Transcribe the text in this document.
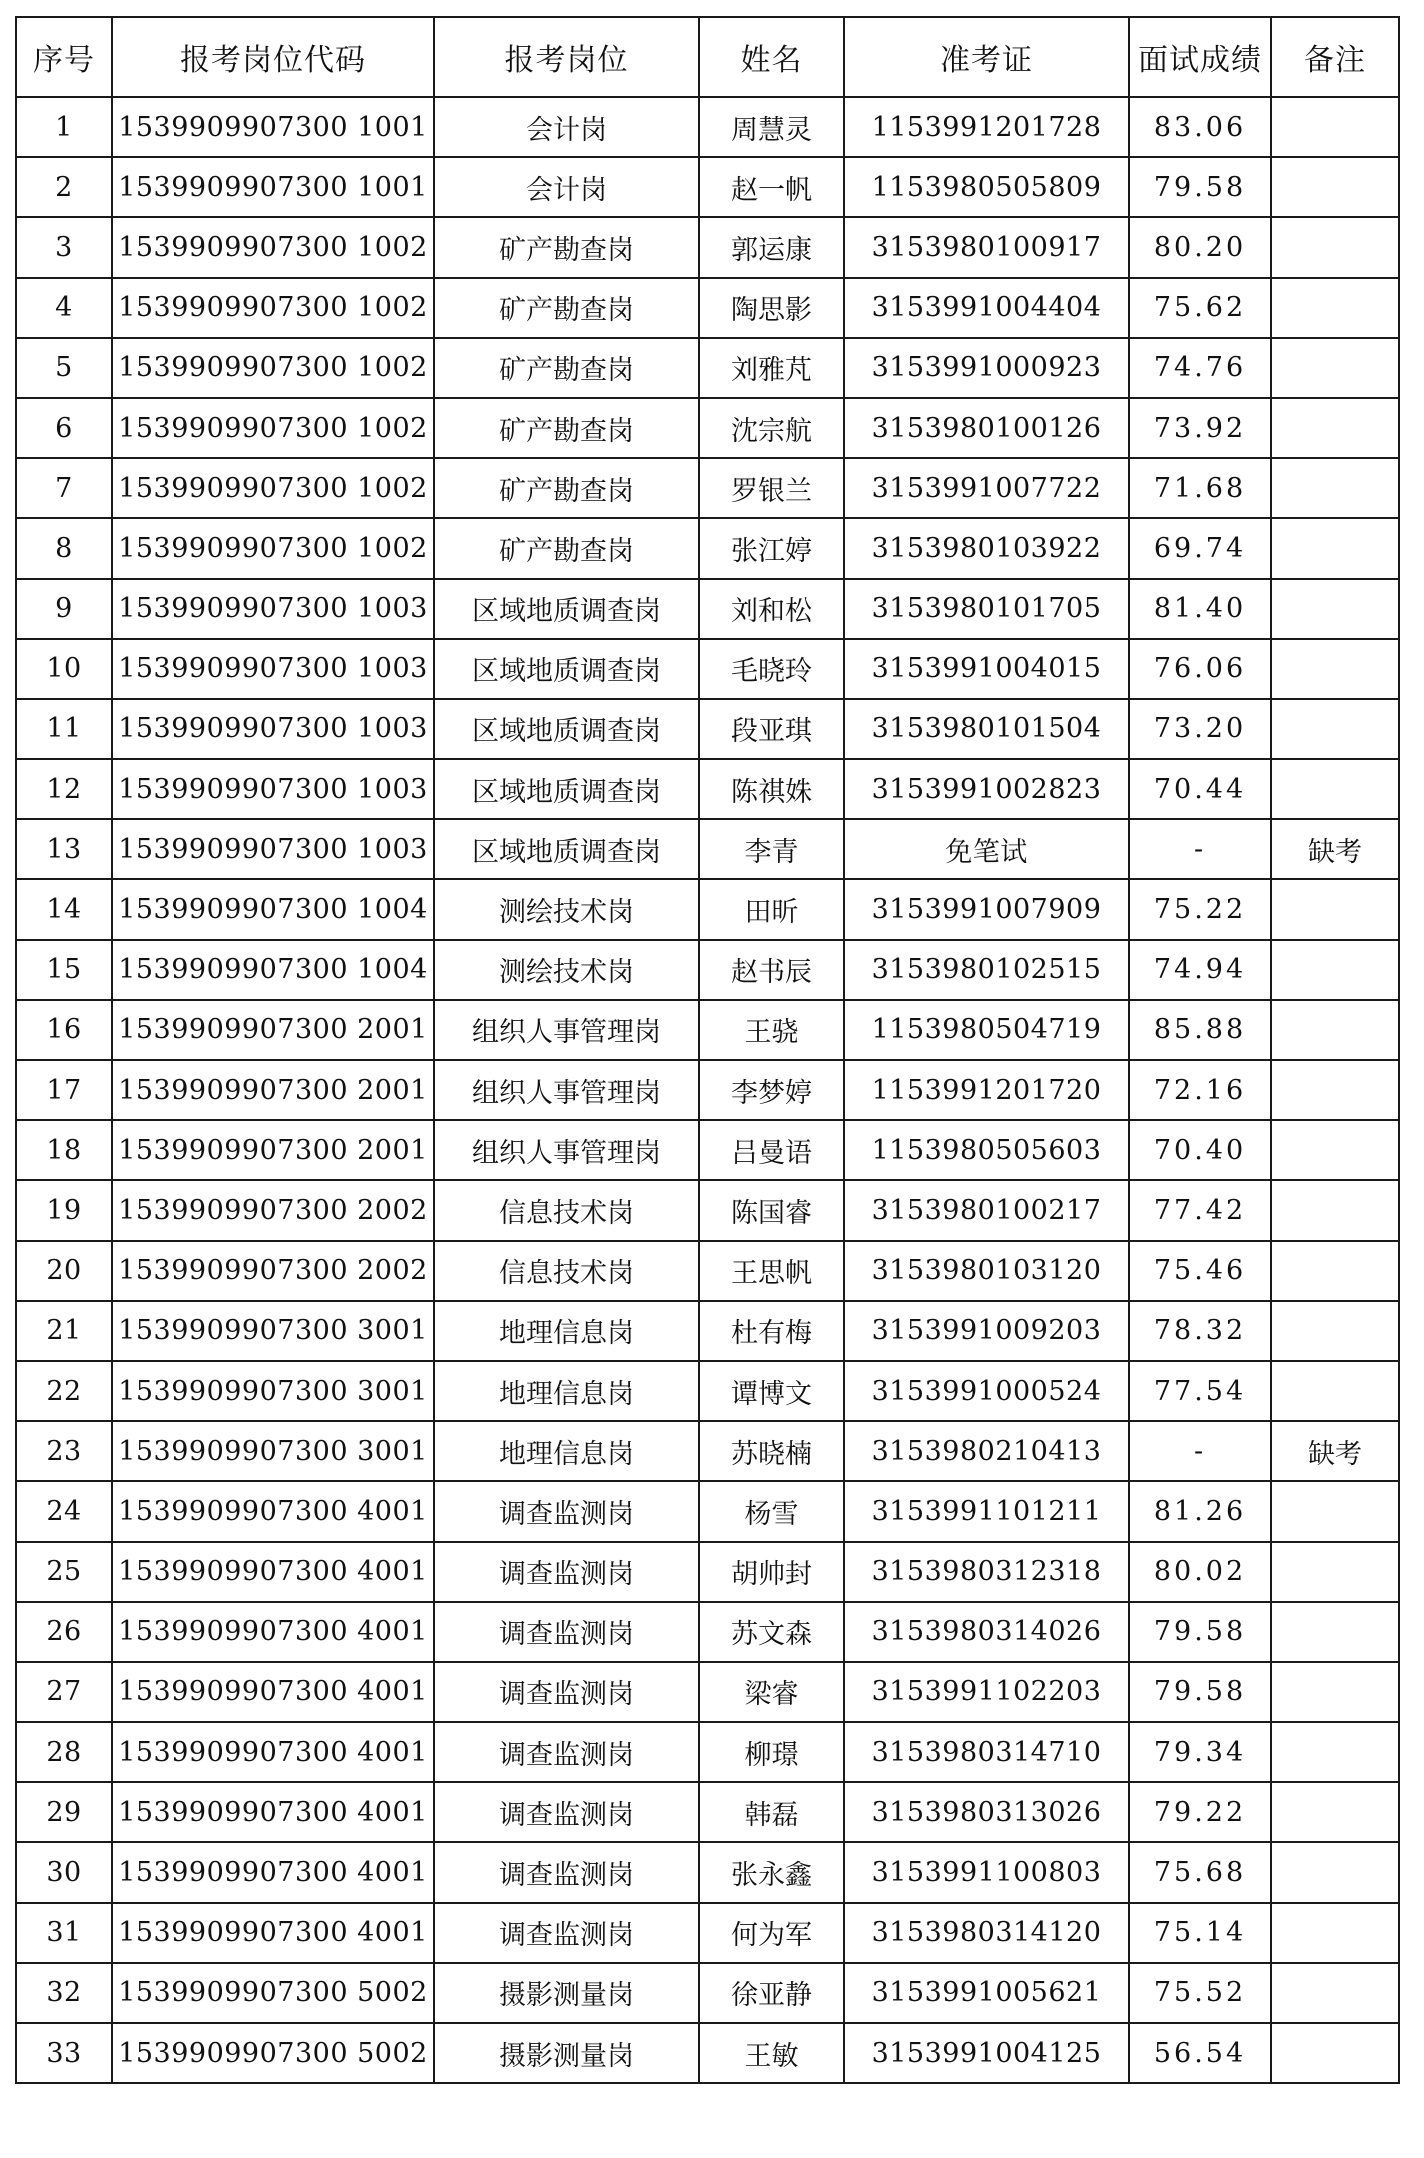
序号	报考岗位代码	报考岗位	姓名	准考证	面试成绩	备注
1	1539909907300 1001	会计岗	周慧灵	1153991201728	83.06	
2	1539909907300 1001	会计岗	赵一帆	1153980505809	79.58	
3	1539909907300 1002	矿产勘查岗	郭运康	3153980100917	80.20	
4	1539909907300 1002	矿产勘查岗	陶思影	3153991004404	75.62	
5	1539909907300 1002	矿产勘查岗	刘雅芃	3153991000923	74.76	
6	1539909907300 1002	矿产勘查岗	沈宗航	3153980100126	73.92	
7	1539909907300 1002	矿产勘查岗	罗银兰	3153991007722	71.68	
8	1539909907300 1002	矿产勘查岗	张江婷	3153980103922	69.74	
9	1539909907300 1003	区域地质调查岗	刘和松	3153980101705	81.40	
10	1539909907300 1003	区域地质调查岗	毛晓玲	3153991004015	76.06	
11	1539909907300 1003	区域地质调查岗	段亚琪	3153980101504	73.20	
12	1539909907300 1003	区域地质调查岗	陈祺姝	3153991002823	70.44	
13	1539909907300 1003	区域地质调查岗	李青	免笔试	-	缺考
14	1539909907300 1004	测绘技术岗	田昕	3153991007909	75.22	
15	1539909907300 1004	测绘技术岗	赵书辰	3153980102515	74.94	
16	1539909907300 2001	组织人事管理岗	王骁	1153980504719	85.88	
17	1539909907300 2001	组织人事管理岗	李梦婷	1153991201720	72.16	
18	1539909907300 2001	组织人事管理岗	吕曼语	1153980505603	70.40	
19	1539909907300 2002	信息技术岗	陈国睿	3153980100217	77.42	
20	1539909907300 2002	信息技术岗	王思帆	3153980103120	75.46	
21	1539909907300 3001	地理信息岗	杜有梅	3153991009203	78.32	
22	1539909907300 3001	地理信息岗	谭博文	3153991000524	77.54	
23	1539909907300 3001	地理信息岗	苏晓楠	3153980210413	-	缺考
24	1539909907300 4001	调查监测岗	杨雪	3153991101211	81.26	
25	1539909907300 4001	调查监测岗	胡帅封	3153980312318	80.02	
26	1539909907300 4001	调查监测岗	苏文森	3153980314026	79.58	
27	1539909907300 4001	调查监测岗	梁睿	3153991102203	79.58	
28	1539909907300 4001	调查监测岗	柳璟	3153980314710	79.34	
29	1539909907300 4001	调查监测岗	韩磊	3153980313026	79.22	
30	1539909907300 4001	调查监测岗	张永鑫	3153991100803	75.68	
31	1539909907300 4001	调查监测岗	何为军	3153980314120	75.14	
32	1539909907300 5002	摄影测量岗	徐亚静	3153991005621	75.52	
33	1539909907300 5002	摄影测量岗	王敏	3153991004125	56.54	
